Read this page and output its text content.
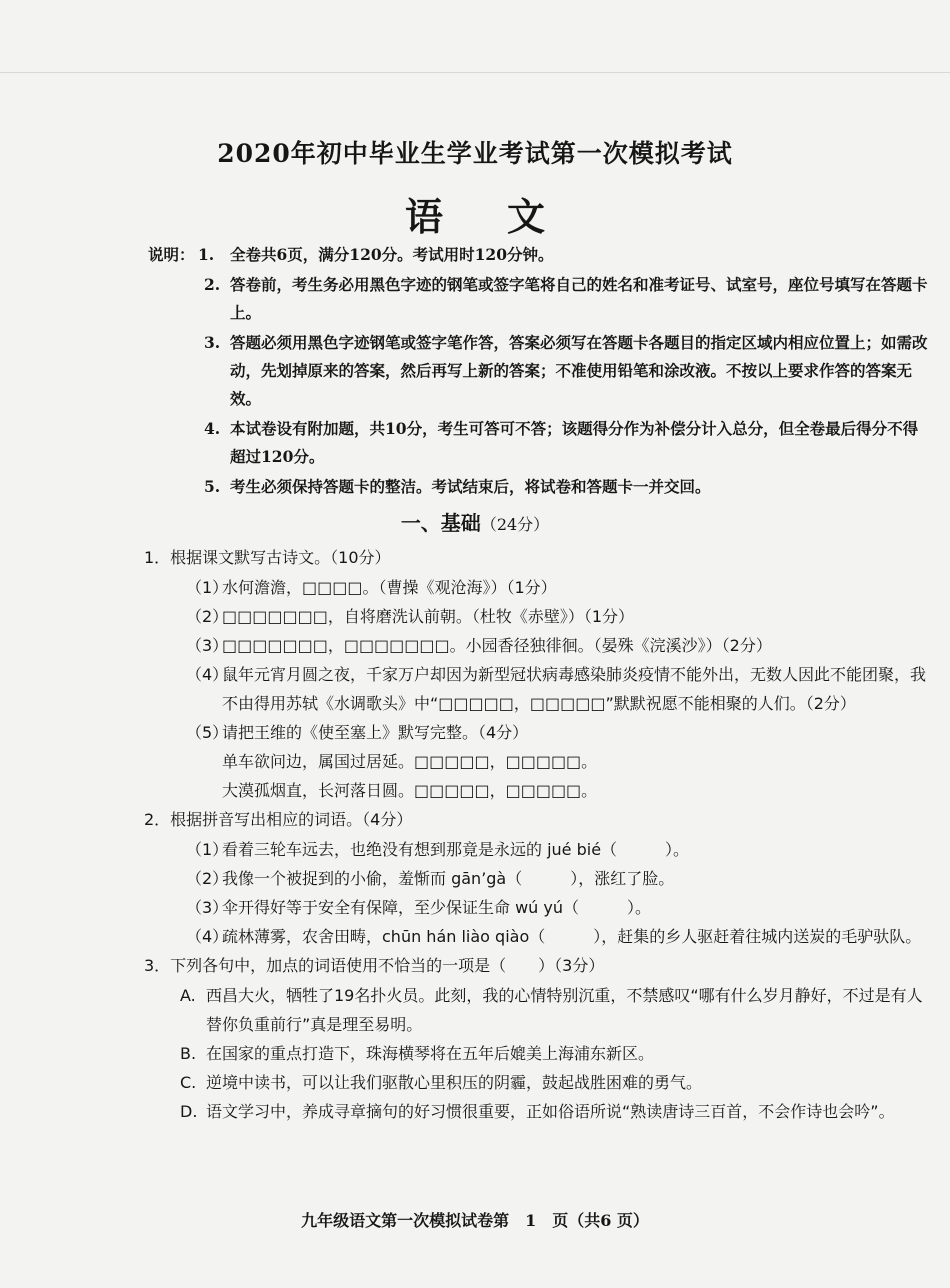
2020年初中毕业生学业考试第一次模拟考试
语文
说明： 1. 全卷共6页，满分120分。考试用时120分钟。
2. 答卷前，考生务必用黑色字迹的钢笔或签字笔将自己的姓名和准考证号、试室号，座位号填写在答题卡上。
3. 答题必须用黑色字迹钢笔或签字笔作答，答案必须写在答题卡各题目的指定区域内相应位置上；如需改动，先划掉原来的答案，然后再写上新的答案；不准使用铅笔和涂改液。不按以上要求作答的答案无效。
4. 本试卷设有附加题，共10分，考生可答可不答；该题得分作为补偿分计入总分，但全卷最后得分不得超过120分。
5. 考生必须保持答题卡的整洁。考试结束后，将试卷和答题卡一并交回。
一、基础（24分）
1．根据课文默写古诗文。（10分）
（1）
水何澹澹，□□□□。（曹操《观沧海》）（1分）
（2）
□□□□□□□，自将磨洗认前朝。（杜牧《赤壁》）（1分）
（3）
□□□□□□□，□□□□□□□。小园香径独徘徊。（晏殊《浣溪沙》）（2分）
（4）
鼠年元宵月圆之夜，千家万户却因为新型冠状病毒感染肺炎疫情不能外出，无数人因此不能团聚，我不由得用苏轼《水调歌头》中“□□□□□，□□□□□”默默祝愿不能相聚的人们。（2分）
（5）
请把王维的《使至塞上》默写完整。（4分）
单车欲问边，属国过居延。□□□□□，□□□□□。
大漠孤烟直，长河落日圆。□□□□□，□□□□□。
2．根据拼音写出相应的词语。（4分）
（1）
看着三轮车远去，也绝没有想到那竟是永远的 jué bié（　　　）。
（2）
我像一个被捉到的小偷，羞惭而 gān’gà（　　　），涨红了脸。
（3）
伞开得好等于安全有保障，至少保证生命 wú yú（　　　）。
（4）
疏林薄雾，农舍田畴，chūn hán liào qiào（　　　），赶集的乡人驱赶着往城内送炭的毛驴驮队。
3．下列各句中，加点的词语使用不恰当的一项是（　　）（3分）
A. 西昌大火，牺牲了19名扑火员。此刻，我的心情特别沉重，不禁感叹“哪有什么岁月静好，不过是有人替你负重前行”真是理至易明。
B. 在国家的重点打造下，珠海横琴将在五年后媲美上海浦东新区。
C. 逆境中读书，可以让我们驱散心里积压的阴霾，鼓起战胜困难的勇气。
D. 语文学习中，养成寻章摘句的好习惯很重要，正如俗语所说“熟读唐诗三百首，不会作诗也会吟”。
九年级语文第一次模拟试卷第　1　页（共6 页）
